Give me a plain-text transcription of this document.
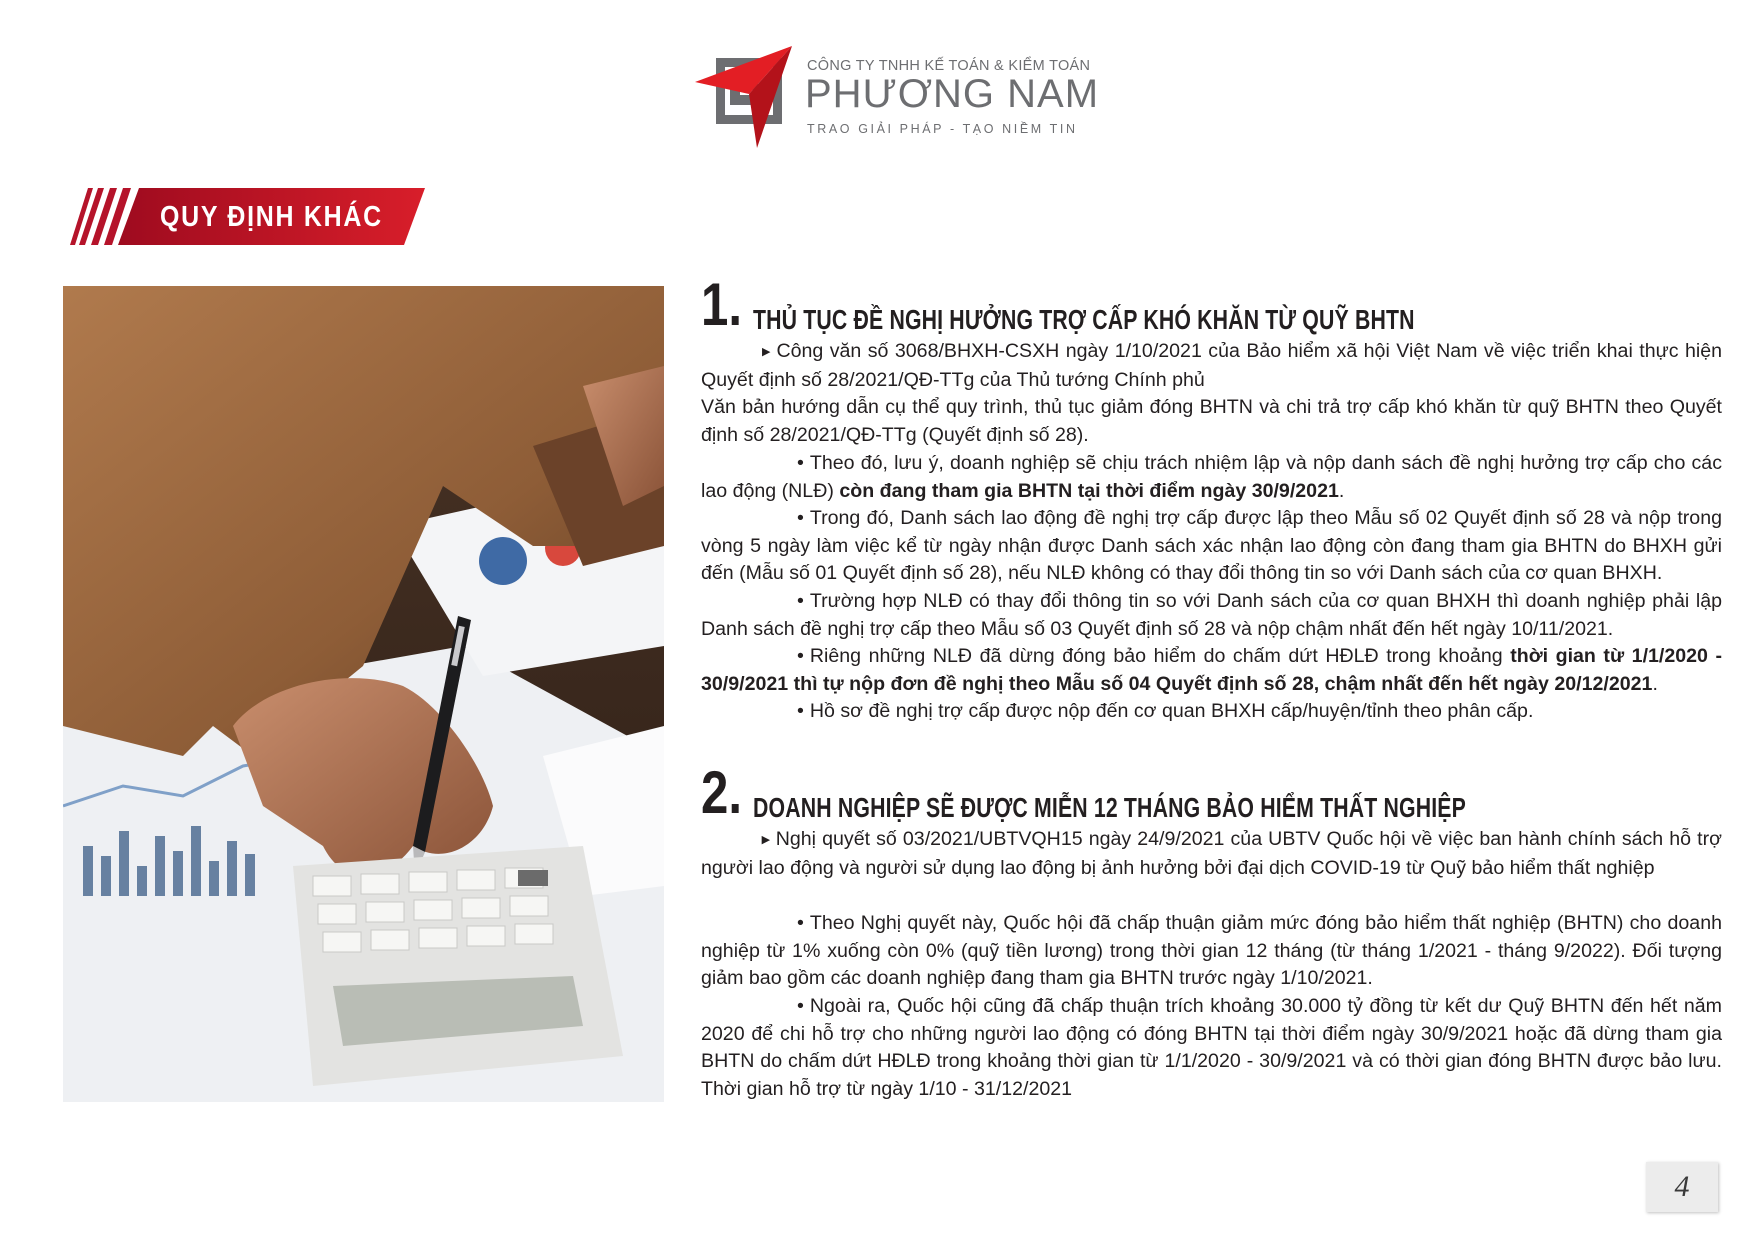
CÔNG TY TNHH KẾ TOÁN & KIỂM TOÁN
PHƯƠNG NAM
TRAO GIẢI PHÁP - TẠO NIỀM TIN
QUY ĐỊNH KHÁC
1. THỦ TỤC ĐỀ NGHỊ HƯỞNG TRỢ CẤP KHÓ KHĂN TỪ QUỸ BHTN

▶ Công văn số 3068/BHXH-CSXH ngày 1/10/2021 của Bảo hiểm xã hội Việt Nam về việc triển khai thực hiện Quyết định số 28/2021/QĐ-TTg của Thủ tướng Chính phủ

Văn bản hướng dẫn cụ thể quy trình, thủ tục giảm đóng BHTN và chi trả trợ cấp khó khăn từ quỹ BHTN theo Quyết định số 28/2021/QĐ-TTg (Quyết định số 28).

• Theo đó, lưu ý, doanh nghiệp sẽ chịu trách nhiệm lập và nộp danh sách đề nghị hưởng trợ cấp cho các lao động (NLĐ) còn đang tham gia BHTN tại thời điểm ngày 30/9/2021.

• Trong đó, Danh sách lao động đề nghị trợ cấp được lập theo Mẫu số 02 Quyết định số 28 và nộp trong vòng 5 ngày làm việc kể từ ngày nhận được Danh sách xác nhận lao động còn đang tham gia BHTN do BHXH gửi đến (Mẫu số 01 Quyết định số 28), nếu NLĐ không có thay đổi thông tin so với Danh sách của cơ quan BHXH.

• Trường hợp NLĐ có thay đổi thông tin so với Danh sách của cơ quan BHXH thì doanh nghiệp phải lập Danh sách đề nghị trợ cấp theo Mẫu số 03 Quyết định số 28 và nộp chậm nhất đến hết ngày 10/11/2021.

• Riêng những NLĐ đã dừng đóng bảo hiểm do chấm dứt HĐLĐ trong khoảng thời gian từ 1/1/2020 - 30/9/2021 thì tự nộp đơn đề nghị theo Mẫu số 04 Quyết định số 28, chậm nhất đến hết ngày 20/12/2021.

• Hồ sơ đề nghị trợ cấp được nộp đến cơ quan BHXH cấp/huyện/tỉnh theo phân cấp.

2. DOANH NGHIỆP SẼ ĐƯỢC MIỄN 12 THÁNG BẢO HIỂM THẤT NGHIỆP

▶ Nghị quyết số 03/2021/UBTVQH15 ngày 24/9/2021 của UBTV Quốc hội về việc ban hành chính sách hỗ trợ người lao động và người sử dụng lao động bị ảnh hưởng bởi đại dịch COVID-19 từ Quỹ bảo hiểm thất nghiệp

• Theo Nghị quyết này, Quốc hội đã chấp thuận giảm mức đóng bảo hiểm thất nghiệp (BHTN) cho doanh nghiệp từ 1% xuống còn 0% (quỹ tiền lương) trong thời gian 12 tháng (từ tháng 1/2021 - tháng 9/2022). Đối tượng giảm bao gồm các doanh nghiệp đang tham gia BHTN trước ngày 1/10/2021.

• Ngoài ra, Quốc hội cũng đã chấp thuận trích khoảng 30.000 tỷ đồng từ kết dư Quỹ BHTN đến hết năm 2020 để chi hỗ trợ cho những người lao động có đóng BHTN tại thời điểm ngày 30/9/2021 hoặc đã dừng tham gia BHTN do chấm dứt HĐLĐ trong khoảng thời gian từ 1/1/2020 - 30/9/2021 và có thời gian đóng BHTN được bảo lưu. Thời gian hỗ trợ từ ngày 1/10 - 31/12/2021

4
